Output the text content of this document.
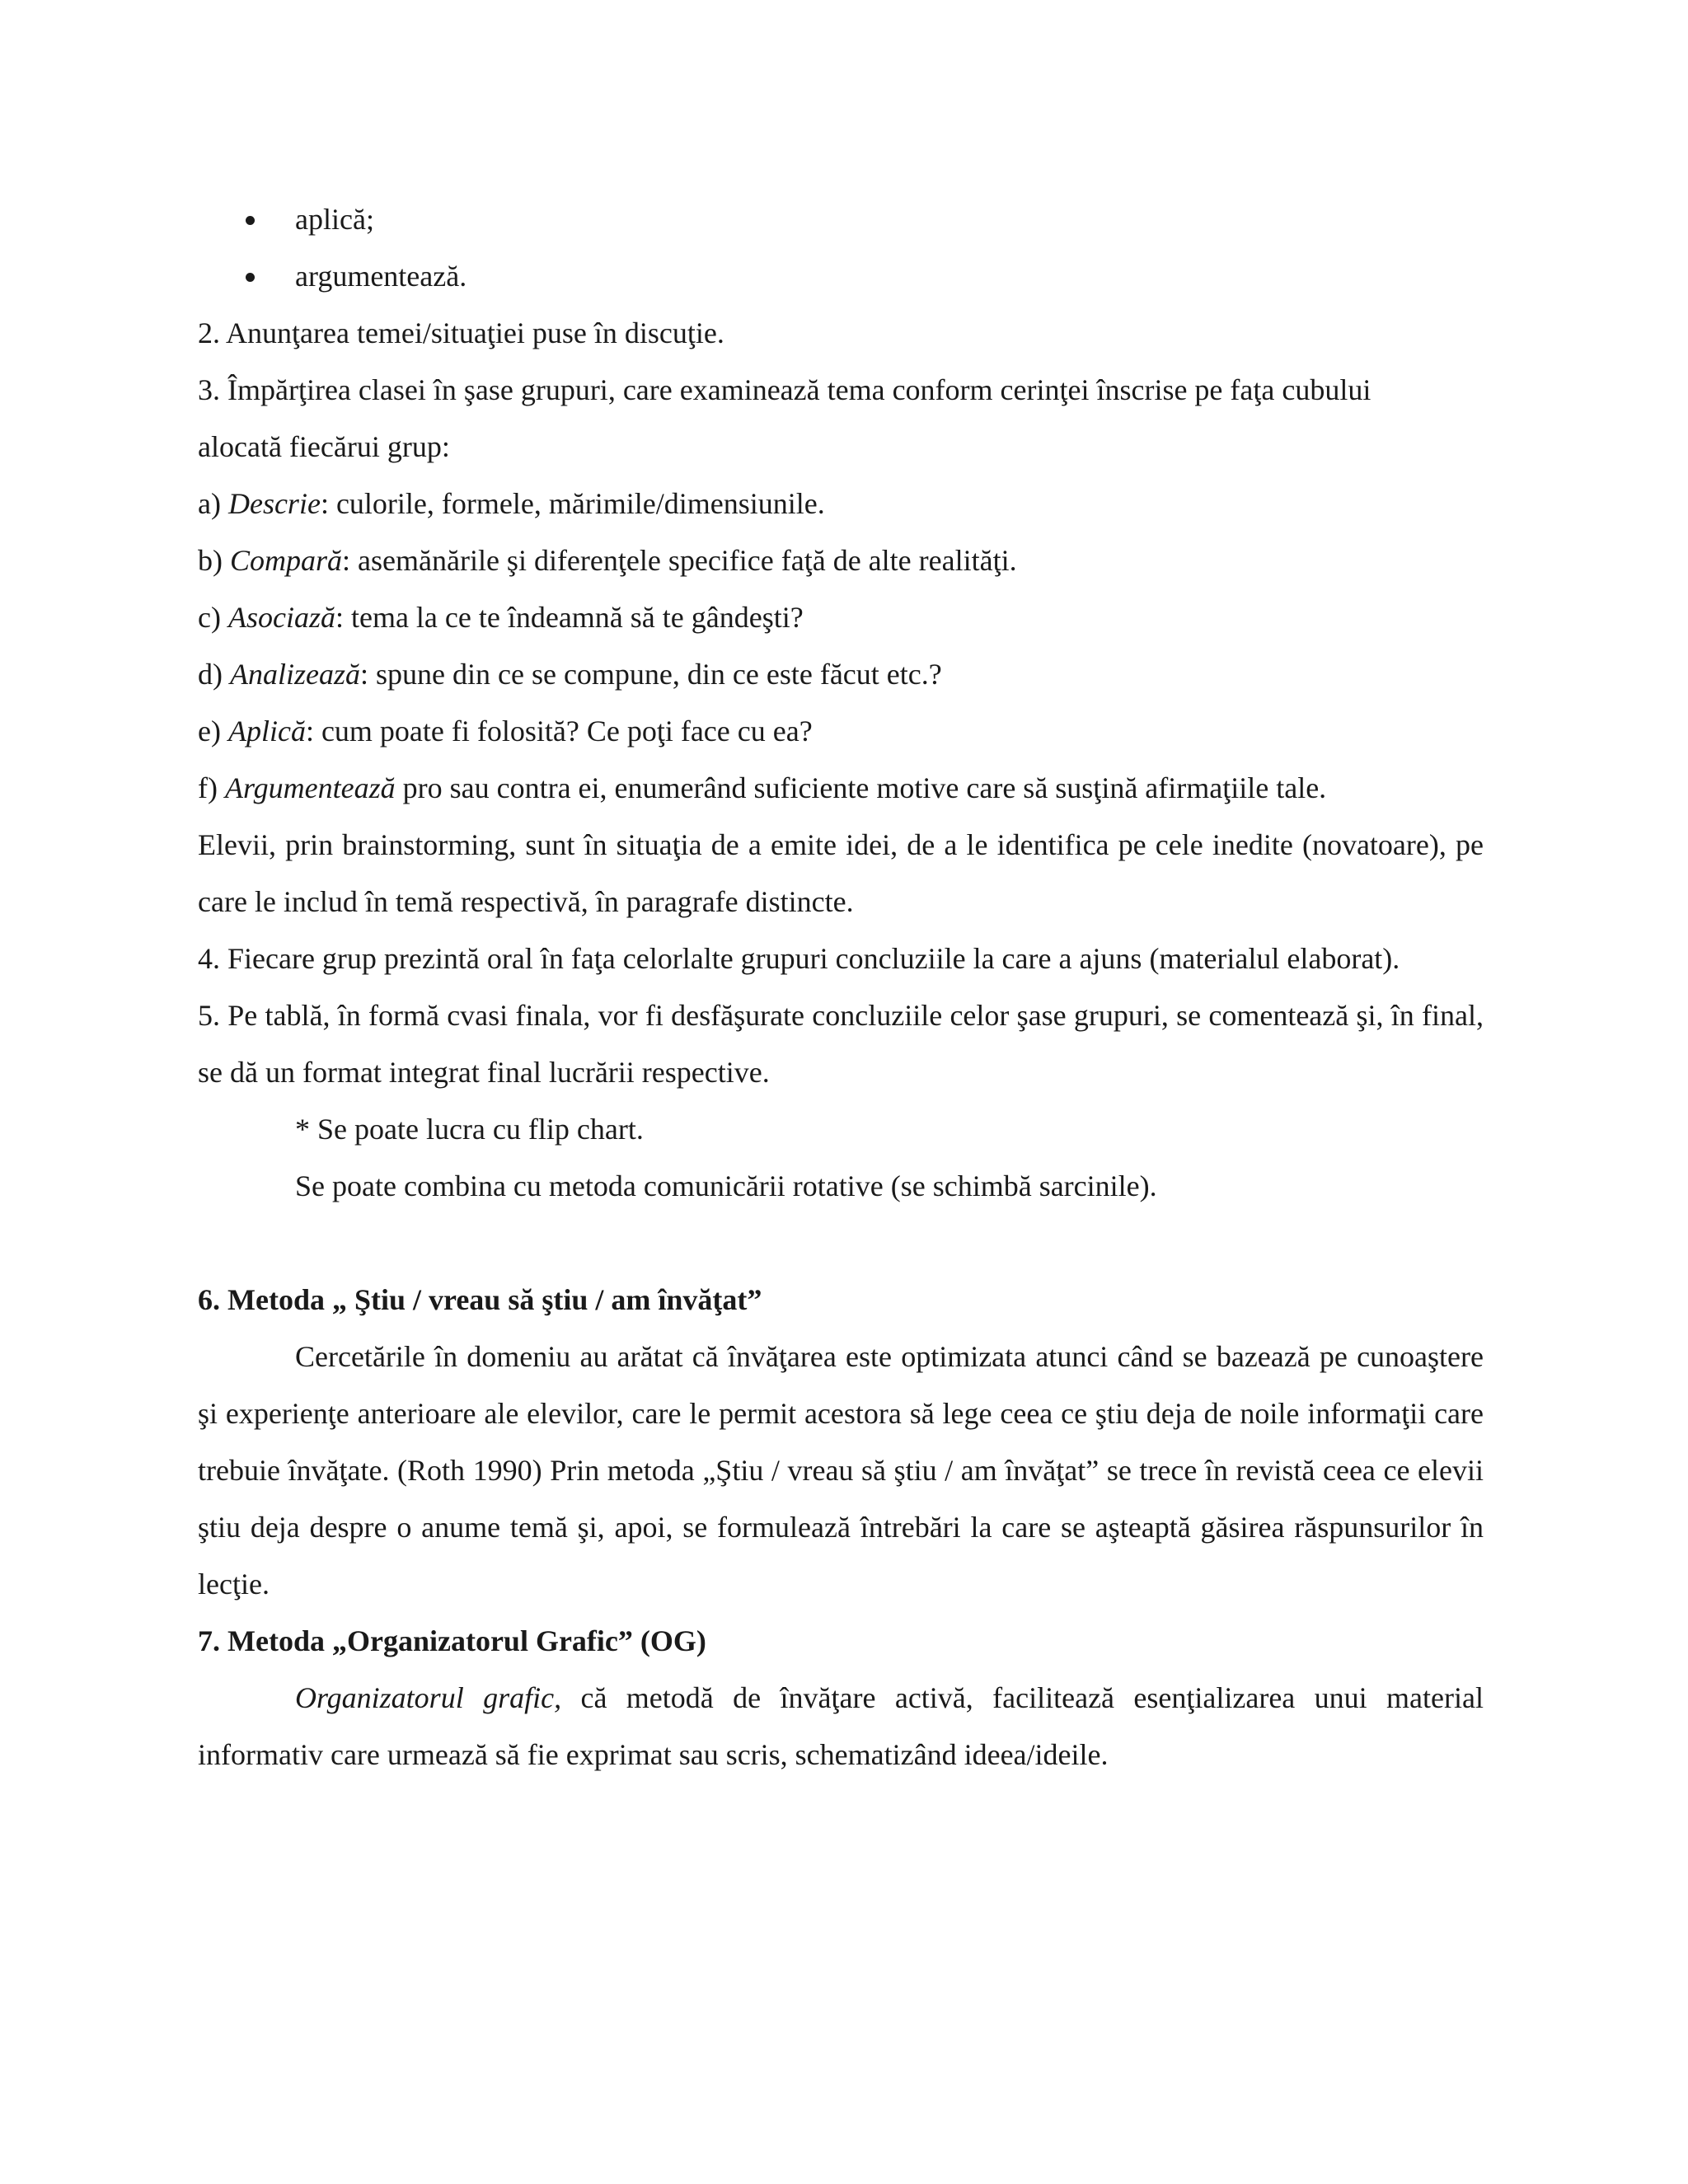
aplică;

argumentează.

2. Anunţarea temei/situaţiei puse în discuţie.

3. Împărţirea clasei în şase grupuri, care examinează tema conform cerinţei înscrise pe faţa cubului

alocată fiecărui grup:

a) Descrie: culorile, formele, mărimile/dimensiunile.

b) Compară: asemănările şi diferenţele specifice faţă de alte realităţi.

c) Asociază: tema la ce te îndeamnă să te gândeşti?

d) Analizează: spune din ce se compune, din ce este făcut etc.?

e) Aplică: cum poate fi folosită? Ce poţi face cu ea?

f) Argumentează pro sau contra ei, enumerând suficiente motive care să susţină afirmaţiile tale.

Elevii, prin brainstorming, sunt în situaţia de a emite idei, de a le identifica pe cele inedite (novatoare), pe care le includ în temă respectivă, în paragrafe distincte.

4. Fiecare grup prezintă oral în faţa celorlalte grupuri concluziile la care a ajuns (materialul elaborat).

5. Pe tablă, în formă cvasi finala, vor fi desfăşurate concluziile celor şase grupuri, se comentează şi, în final, se dă un format integrat final lucrării respective.

* Se poate lucra cu flip chart.

Se poate combina cu metoda comunicării rotative (se schimbă sarcinile).

6. Metoda „ Ştiu / vreau să ştiu / am învăţat”

Cercetările în domeniu au arătat că învăţarea este optimizata atunci când se bazează pe cunoaştere şi experienţe anterioare ale elevilor, care le permit acestora să lege ceea ce ştiu deja de noile informaţii care trebuie învăţate. (Roth 1990) Prin metoda „Ştiu / vreau să ştiu / am învăţat” se trece în revistă ceea ce elevii ştiu deja despre o anume temă şi, apoi, se formulează întrebări la care se aşteaptă găsirea răspunsurilor în lecţie.

7. Metoda „Organizatorul Grafic” (OG)

Organizatorul grafic, că metodă de învăţare activă, facilitează esenţializarea unui material informativ care urmează să fie exprimat sau scris, schematizând ideea/ideile.
